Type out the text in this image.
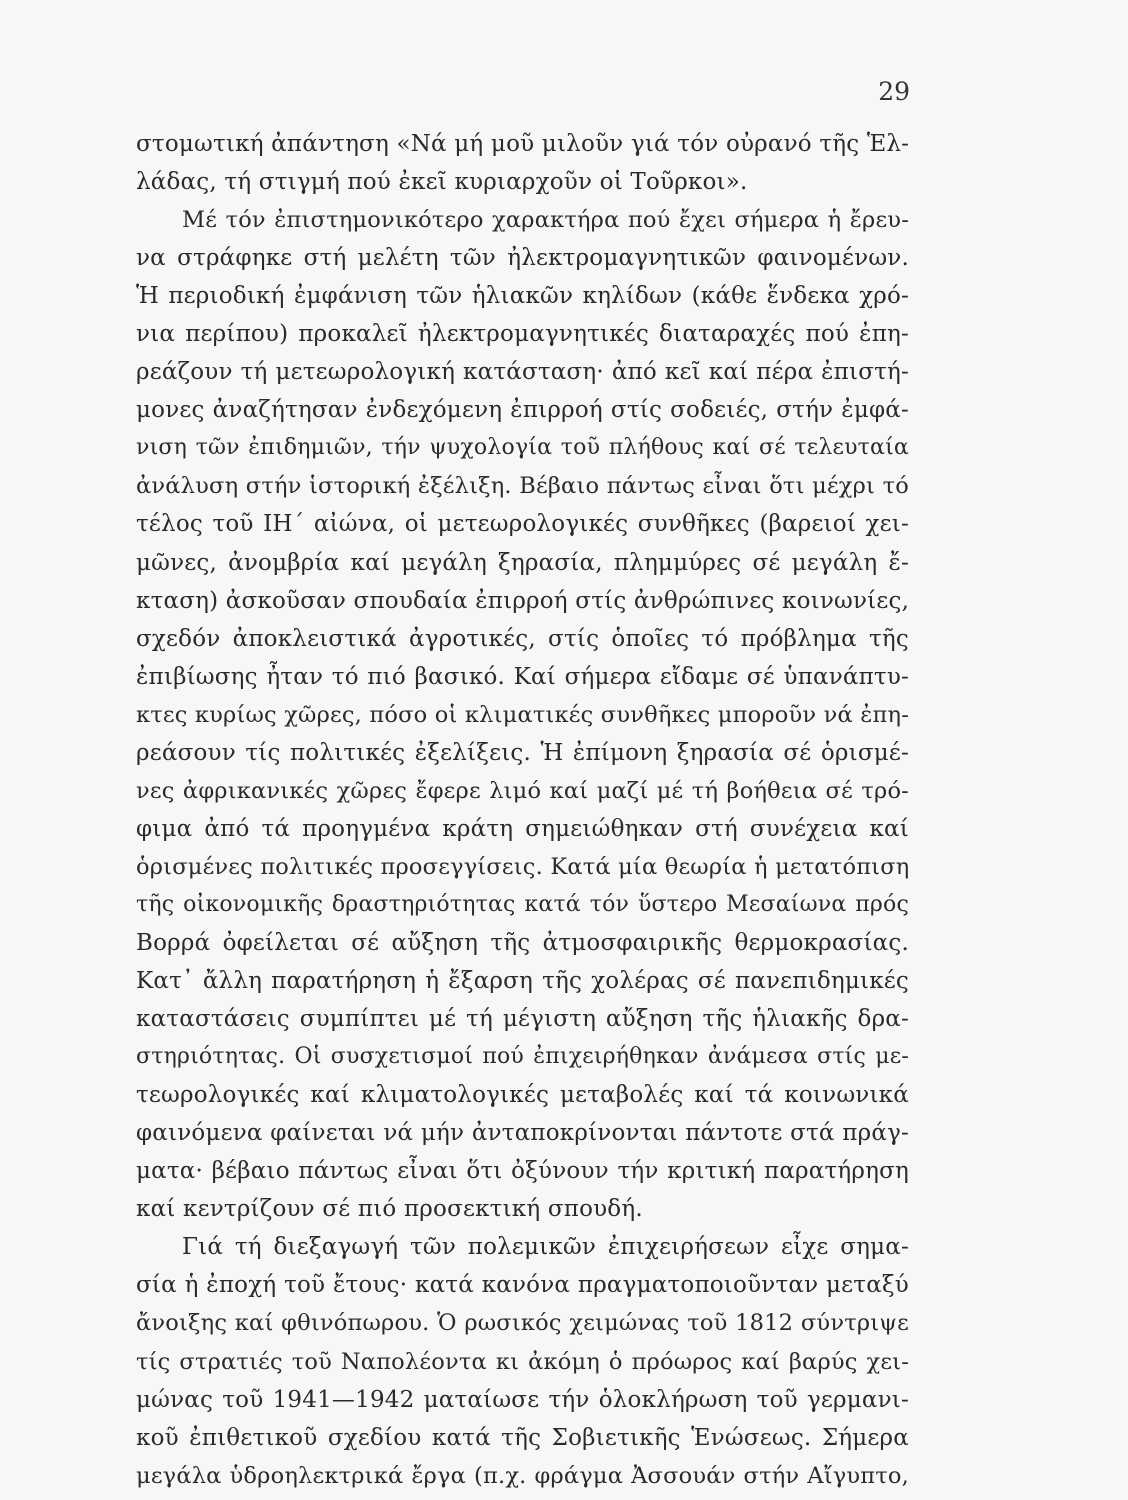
29
στομωτική ἀπάντηση «Νά μή μοῦ μιλοῦν γιά τόν οὐρανό τῆς Ἑλ-
λάδας, τή στιγμή πού ἐκεῖ κυριαρχοῦν οἱ Τοῦρκοι».
Μέ τόν ἐπιστημονικότερο χαρακτήρα πού ἔχει σήμερα ἡ ἔρευ-
να στράφηκε στή μελέτη τῶν ἠλεκτρομαγνητικῶν φαινομένων.
Ἡ περιοδική ἐμφάνιση τῶν ἡλιακῶν κηλίδων (κάθε ἕνδεκα χρό-
νια περίπου) προκαλεῖ ἠλεκτρομαγνητικές διαταραχές πού ἐπη-
ρεάζουν τή μετεωρολογική κατάσταση· ἀπό κεῖ καί πέρα ἐπιστή-
μονες ἀναζήτησαν ἐνδεχόμενη ἐπιρροή στίς σοδειές, στήν ἐμφά-
νιση τῶν ἐπιδημιῶν, τήν ψυχολογία τοῦ πλήθους καί σέ τελευταία
ἀνάλυση στήν ἱστορική ἐξέλιξη. Βέβαιο πάντως εἶναι ὅτι μέχρι τό
τέλος τοῦ ΙΗ΄ αἰώνα, οἱ μετεωρολογικές συνθῆκες (βαρειοί χει-
μῶνες, ἀνομβρία καί μεγάλη ξηρασία, πλημμύρες σέ μεγάλη ἔ-
κταση) ἀσκοῦσαν σπουδαία ἐπιρροή στίς ἀνθρώπινες κοινωνίες,
σχεδόν ἀποκλειστικά ἀγροτικές, στίς ὁποῖες τό πρόβλημα τῆς
ἐπιβίωσης ἦταν τό πιό βασικό. Καί σήμερα εἴδαμε σέ ὑπανάπτυ-
κτες κυρίως χῶρες, πόσο οἱ κλιματικές συνθῆκες μποροῦν νά ἐπη-
ρεάσουν τίς πολιτικές ἐξελίξεις. Ἡ ἐπίμονη ξηρασία σέ ὁρισμέ-
νες ἀφρικανικές χῶρες ἔφερε λιμό καί μαζί μέ τή βοήθεια σέ τρό-
φιμα ἀπό τά προηγμένα κράτη σημειώθηκαν στή συνέχεια καί
ὁρισμένες πολιτικές προσεγγίσεις. Κατά μία θεωρία ἡ μετατόπιση
τῆς οἰκονομικῆς δραστηριότητας κατά τόν ὕστερο Μεσαίωνα πρός
Βορρά ὀφείλεται σέ αὔξηση τῆς ἀτμοσφαιρικῆς θερμοκρασίας.
Κατ᾿ ἄλλη παρατήρηση ἡ ἔξαρση τῆς χολέρας σέ πανεπιδημικές
καταστάσεις συμπίπτει μέ τή μέγιστη αὔξηση τῆς ἡλιακῆς δρα-
στηριότητας. Οἱ συσχετισμοί πού ἐπιχειρήθηκαν ἀνάμεσα στίς με-
τεωρολογικές καί κλιματολογικές μεταβολές καί τά κοινωνικά
φαινόμενα φαίνεται νά μήν ἀνταποκρίνονται πάντοτε στά πράγ-
ματα· βέβαιο πάντως εἶναι ὅτι ὀξύνουν τήν κριτική παρατήρηση
καί κεντρίζουν σέ πιό προσεκτική σπουδή.
Γιά τή διεξαγωγή τῶν πολεμικῶν ἐπιχειρήσεων εἶχε σημα-
σία ἡ ἐποχή τοῦ ἔτους· κατά κανόνα πραγματοποιοῦνταν μεταξύ
ἄνοιξης καί φθινόπωρου. Ὁ ρωσικός χειμώνας τοῦ 1812 σύντριψε
τίς στρατιές τοῦ Ναπολέοντα κι ἀκόμη ὁ πρόωρος καί βαρύς χει-
μώνας τοῦ 1941—1942 ματαίωσε τήν ὁλοκλήρωση τοῦ γερμανι-
κοῦ ἐπιθετικοῦ σχεδίου κατά τῆς Σοβιετικῆς Ἑνώσεως. Σήμερα
μεγάλα ὑδροηλεκτρικά ἔργα (π.χ. φράγμα Ἀσσουάν στήν Αἴγυπτο,
